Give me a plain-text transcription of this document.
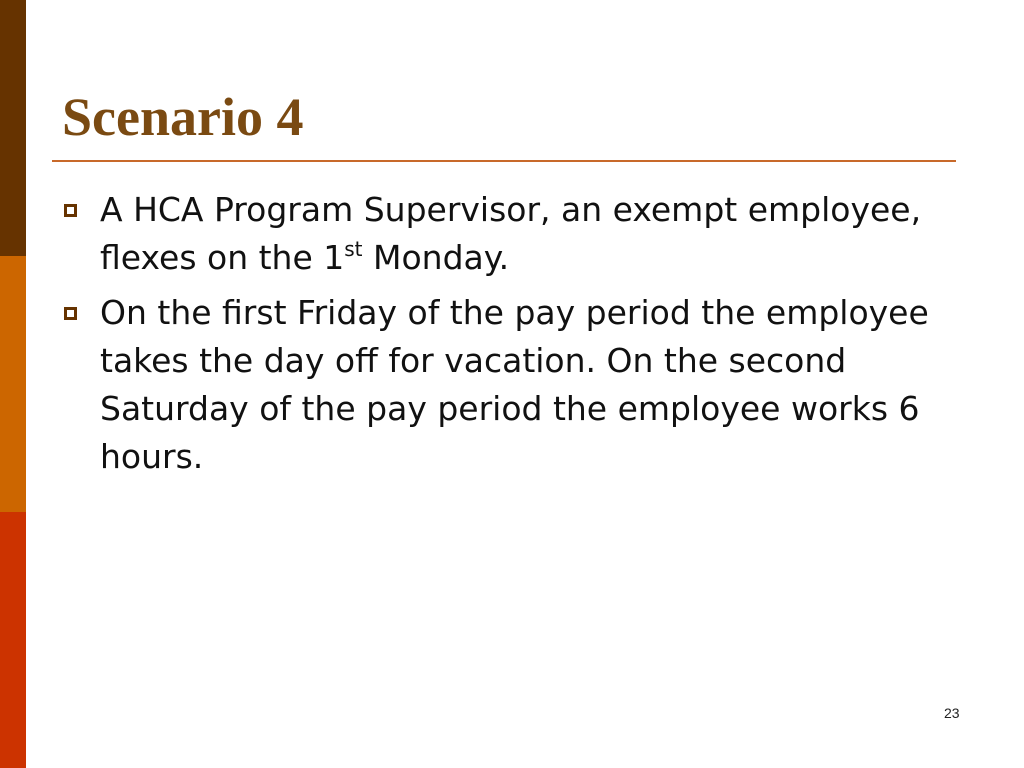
Scenario 4
A HCA Program Supervisor, an exempt employee, flexes on the 1st Monday.
On the first Friday of the pay period the employee takes the day off for vacation. On the second Saturday of the pay period the employee works 6 hours.
23
